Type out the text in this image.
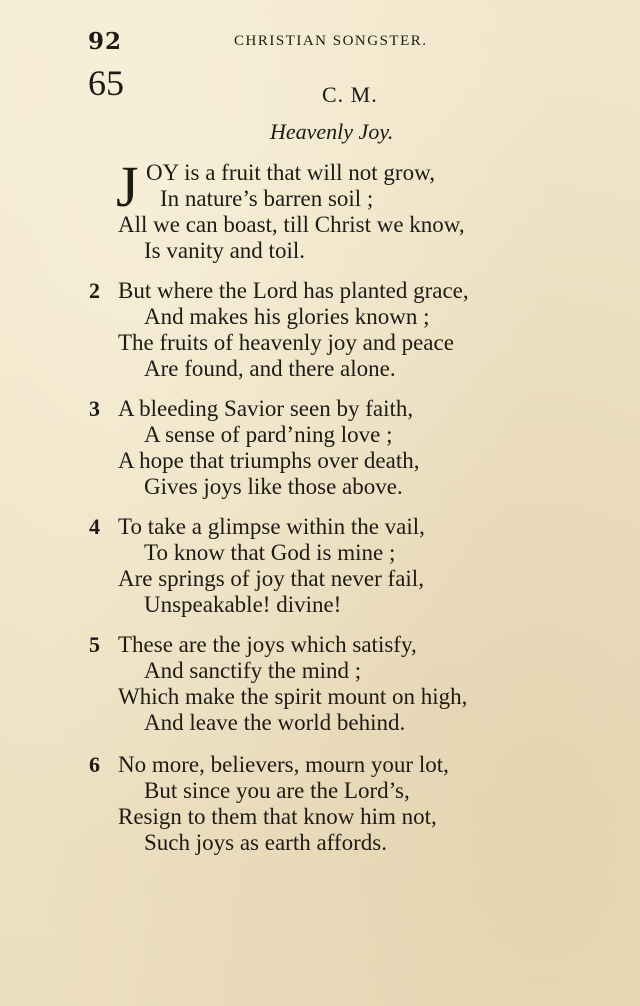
92	CHRISTIAN SONGSTER.
65	C. M.
Heavenly Joy.
J OY is a fruit that will not grow,
In nature’s barren soil ;
All we can boast, till Christ we know,
Is vanity and toil.
2 But where the Lord has planted grace,
And makes his glories known ;
The fruits of heavenly joy and peace
Are found, and there alone.
3 A bleeding Savior seen by faith,
A sense of pard’ning love ;
A hope that triumphs over death,
Gives joys like those above.
4 To take a glimpse within the vail,
To know that God is mine ;
Are springs of joy that never fail,
Unspeakable! divine!
5 These are the joys which satisfy,
And sanctify the mind ;
Which make the spirit mount on high,
And leave the world behind.
6 No more, believers, mourn your lot,
But since you are the Lord’s,
Resign to them that know him not,
Such joys as earth affords.
